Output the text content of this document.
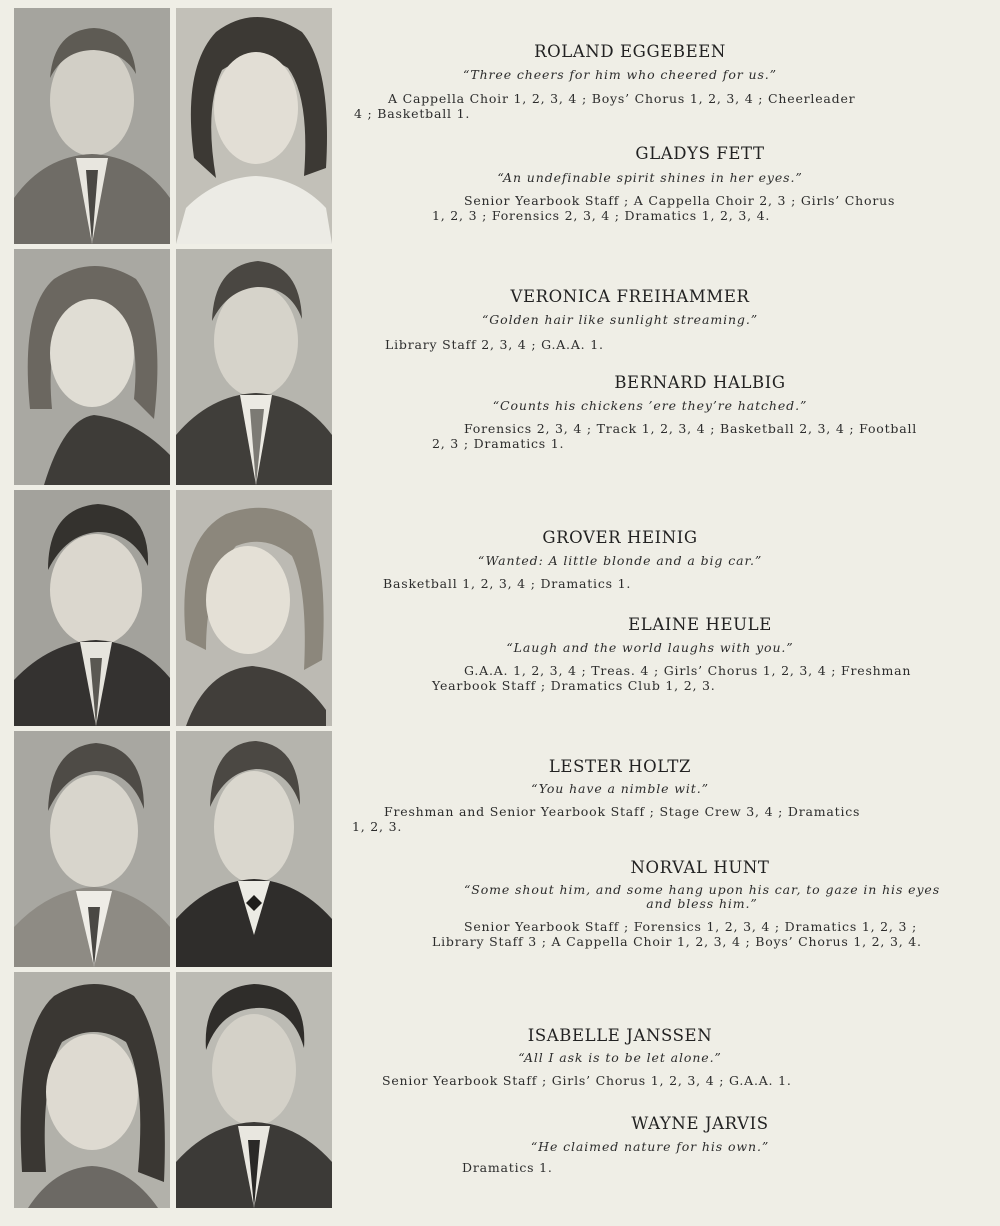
ROLAND EGGEBEEN
“Three cheers for him who cheered for us.”
A Cappella Choir 1, 2, 3, 4 ; Boys’ Chorus 1, 2, 3, 4 ; Cheerleader
4 ; Basketball 1.
GLADYS FETT
“An undefinable spirit shines in her eyes.”
Senior Yearbook Staff ; A Cappella Choir 2, 3 ; Girls’ Chorus
1, 2, 3 ; Forensics 2, 3, 4 ; Dramatics 1, 2, 3, 4.
VERONICA FREIHAMMER
“Golden hair like sunlight streaming.”
Library Staff 2, 3, 4 ; G.A.A. 1.
BERNARD HALBIG
“Counts his chickens ’ere they’re hatched.”
Forensics 2, 3, 4 ; Track 1, 2, 3, 4 ; Basketball 2, 3, 4 ; Football
2, 3 ; Dramatics 1.
GROVER HEINIG
“Wanted: A little blonde and a big car.”
Basketball 1, 2, 3, 4 ; Dramatics 1.
ELAINE HEULE
“Laugh and the world laughs with you.”
G.A.A. 1, 2, 3, 4 ; Treas. 4 ; Girls’ Chorus 1, 2, 3, 4 ; Freshman
Yearbook Staff ; Dramatics Club 1, 2, 3.
LESTER HOLTZ
“You have a nimble wit.”
Freshman and Senior Yearbook Staff ; Stage Crew 3, 4 ; Dramatics
1, 2, 3.
NORVAL HUNT
“Some shout him, and some hang upon his car, to gaze in his eyes
and bless him.”
Senior Yearbook Staff ; Forensics 1, 2, 3, 4 ; Dramatics 1, 2, 3 ;
Library Staff 3 ; A Cappella Choir 1, 2, 3, 4 ; Boys’ Chorus 1, 2, 3, 4.
ISABELLE JANSSEN
“All I ask is to be let alone.”
Senior Yearbook Staff ; Girls’ Chorus 1, 2, 3, 4 ; G.A.A. 1.
WAYNE JARVIS
“He claimed nature for his own.”
Dramatics 1.
